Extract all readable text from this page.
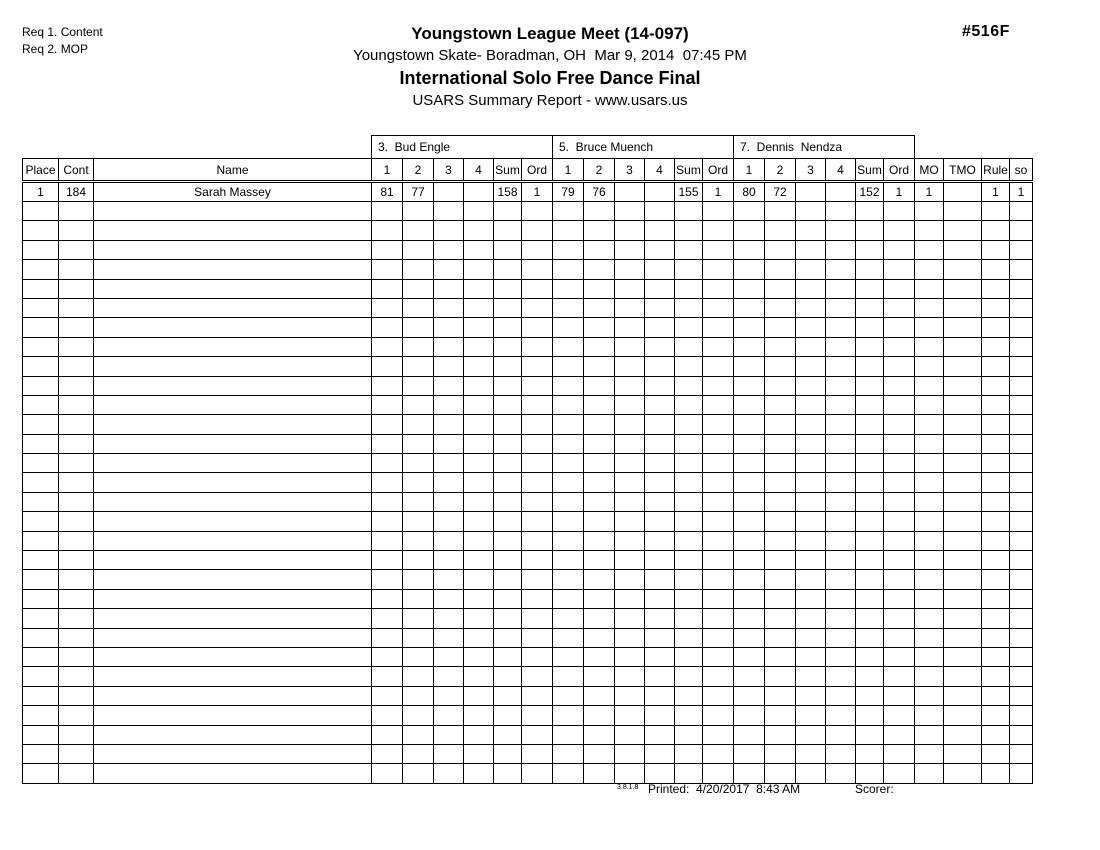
Req 1. Content
Req 2. MOP
#516F
Youngstown League Meet (14-097)
Youngstown Skate- Boradman, OH  Mar 9, 2014  07:45 PM
International Solo Free Dance Final
USARS Summary Report - www.usars.us
3.  Bud Engle	5.  Bruce Muench	7.  Dennis  Nendza
Place	Cont	Name	1	2	3	4	Sum	Ord	1	2	3	4	Sum	Ord	1	2	3	4	Sum	Ord	MO	TMO	Rule	so
1	184	Sarah Massey	81	77			158	1	79	76			155	1	80	72			152	1	1		1	1

3.8.1.8 Printed: 4/20/2017  8:43 AM	Scorer:
